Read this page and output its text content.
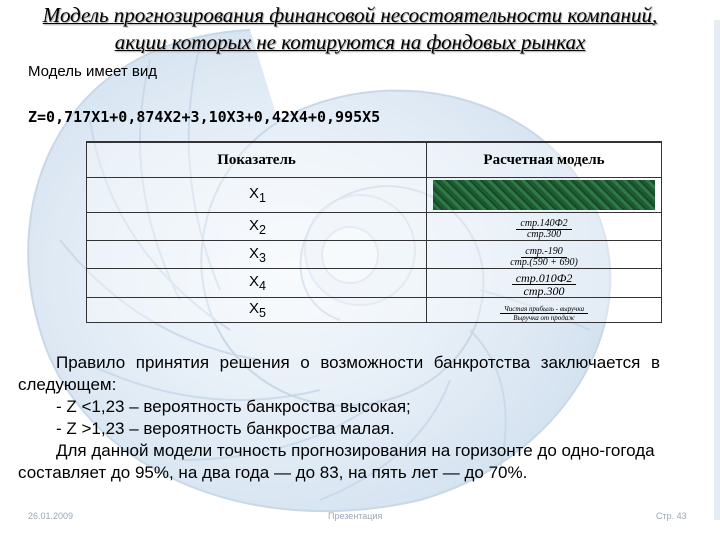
Модель прогнозирования финансовой несостоятельности компаний, акции которых не котируются на фондовых рынках
Модель имеет вид
Z=0,717X1+0,874X2+3,10X3+0,42X4+0,995X5
Показатель	Расчетная модель
$X_1$	
$X_2$	$\frac{\text{стр.140Ф2}}{\text{стр.300}}$

$X_3$	$\frac{\text{стр.-190}}{\text{стр.(590 + 690)}}$

$X_4$	$\frac{\text{стр.010Ф2}}{\text{стр.300}}$

$X_5$	$\frac{\text{Чистая прибыль - выручка}}{\text{Выручка от продаж}}$

Правило принятия решения о возможности банкротства заключается в следующем:

- Z <1,23 – вероятность банкроства высокая;

- Z >1,23 – вероятность банкроства малая.

Для данной модели точность прогнозирования на горизонте до одно-гогода составляет до 95%, на два года — до 83, на пять лет — до 70%.

26.01.2009	Презентация	Стр. 43
